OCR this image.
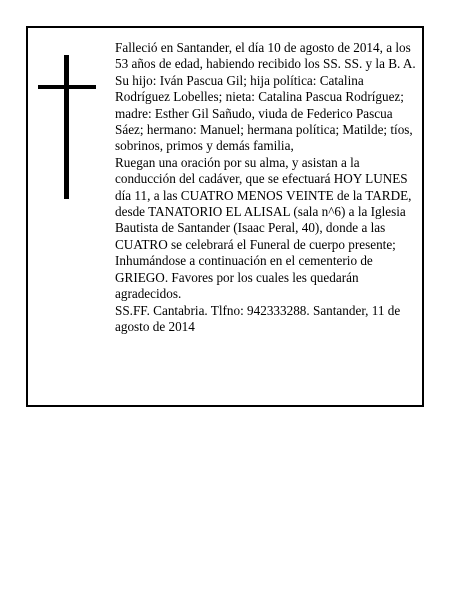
Falleció en Santander, el día 10 de agosto de 2014, a los 53 años de edad, habiendo recibido los SS. SS. y la B. A.

Su hijo: Iván Pascua Gil; hija política: Catalina Rodríguez Lobelles; nieta: Catalina Pascua Rodríguez; madre: Esther Gil Sañudo, viuda de Federico Pascua Sáez; hermano: Manuel; hermana política; Matilde; tíos, sobrinos, primos y demás familia,

Ruegan una oración por su alma, y asistan a la conducción del cadáver, que se efectuará HOY LUNES día 11, a las CUATRO MENOS VEINTE de la TARDE, desde TANATORIO EL ALISAL (sala n^6) a la Iglesia Bautista de Santander (Isaac Peral, 40), donde a las CUATRO se celebrará el Funeral de cuerpo presente; Inhumándose a continuación en el cementerio de GRIEGO. Favores por los cuales les quedarán agradecidos.

SS.FF. Cantabria. Tlfno: 942333288. Santander, 11 de agosto de 2014
